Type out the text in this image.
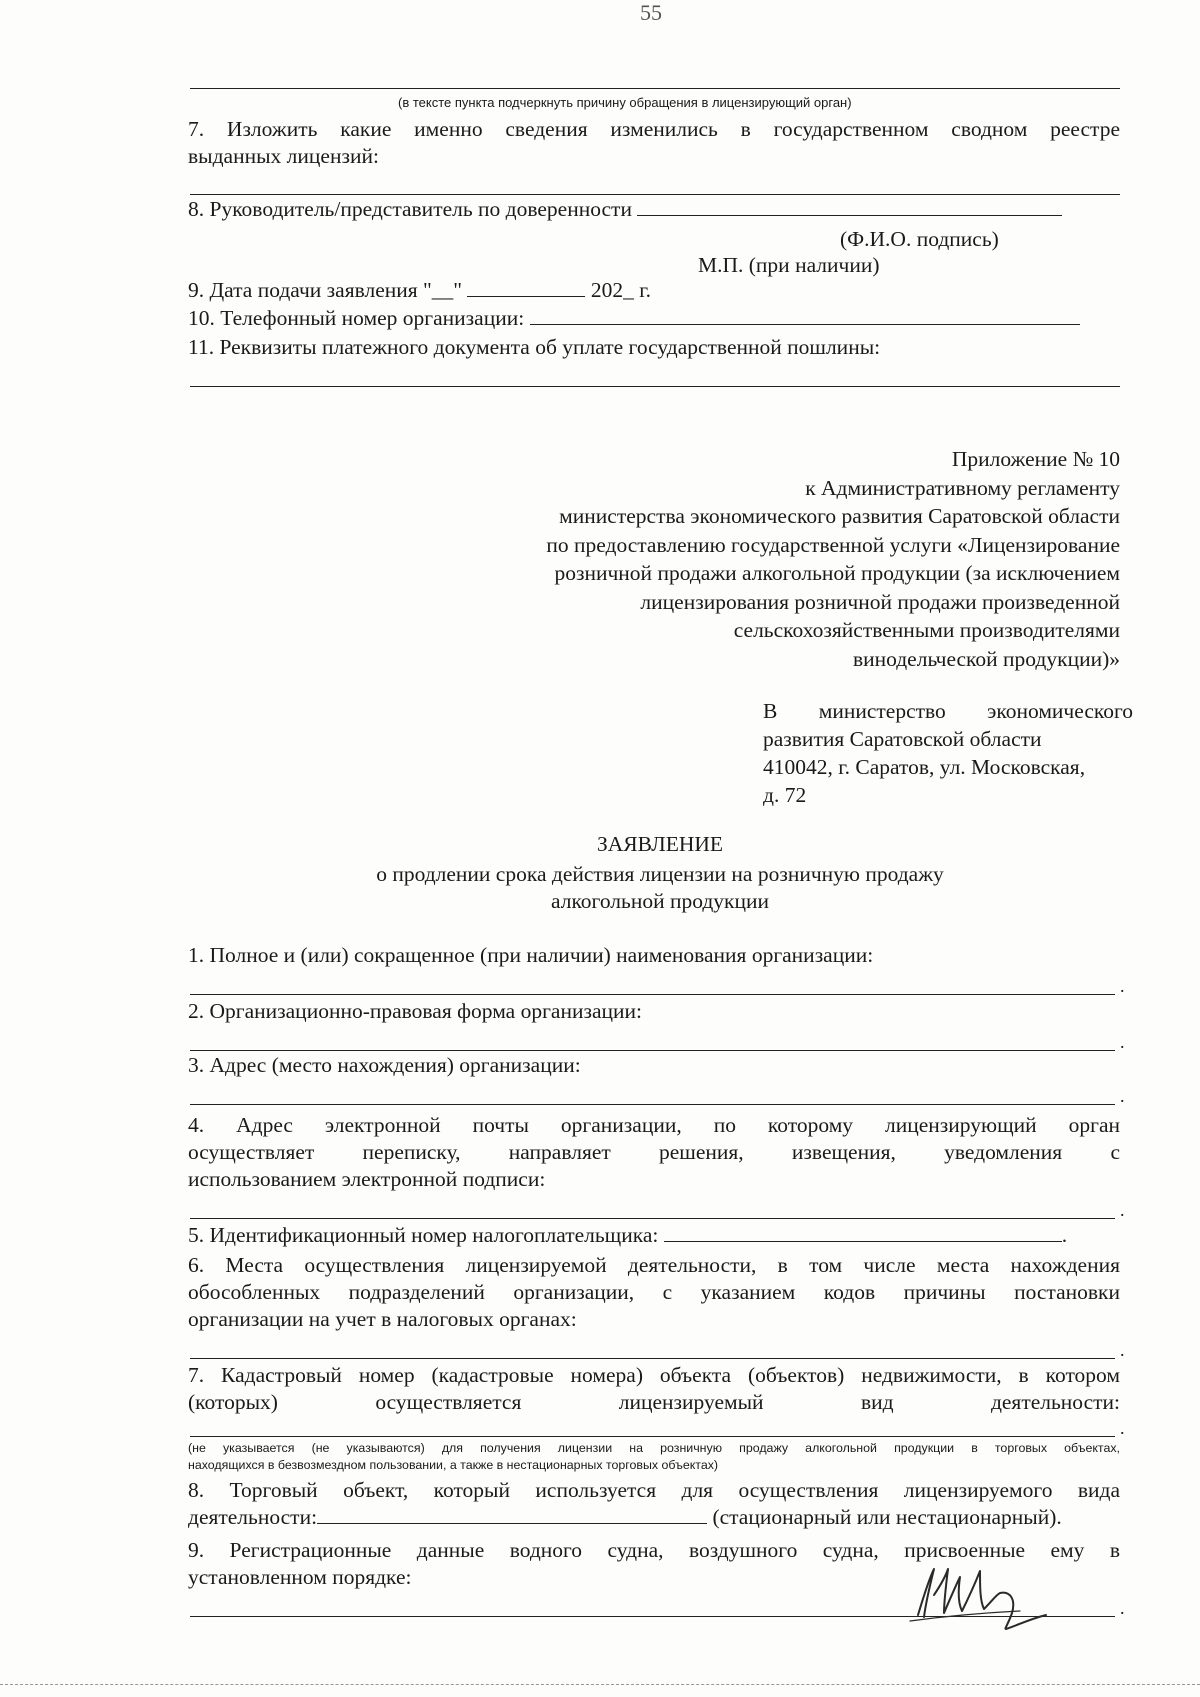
55
(в тексте пункта подчеркнуть причину обращения в лицензирующий орган)
7. Изложить какие именно сведения изменились в государственном сводном реестре
выданных лицензий:
8. Руководитель/представитель по доверенности
(Ф.И.О. подпись)
М.П. (при наличии)
9. Дата подачи заявления "__"	202_ г.
10. Телефонный номер организации:
11. Реквизиты платежного документа об уплате государственной пошлины:
Приложение № 10
к Административному регламенту
министерства экономического развития Саратовской области
по предоставлению государственной услуги «Лицензирование
розничной продажи алкогольной продукции (за исключением
лицензирования розничной продажи произведенной
сельскохозяйственными производителями
винодельческой продукции)»
В министерство экономического
развития Саратовской области
410042, г. Саратов, ул. Московская,
д. 72
ЗАЯВЛЕНИЕ
о продлении срока действия лицензии на розничную продажу
алкогольной продукции
1. Полное и (или) сокращенное (при наличии) наименования организации:
.
2. Организационно-правовая форма организации:
.
3. Адрес (место нахождения) организации:
.
4. Адрес электронной почты организации, по которому лицензирующий орган
осуществляет переписку, направляет решения, извещения, уведомления с
использованием электронной подписи:
.
5. Идентификационный номер налогоплательщика:	.
6. Места осуществления лицензируемой деятельности, в том числе места нахождения
обособленных подразделений организации, с указанием кодов причины постановки
организации на учет в налоговых органах:
.
7. Кадастровый номер (кадастровые номера) объекта (объектов) недвижимости, в котором
(которых) осуществляется лицензируемый вид деятельности:
.
(не указывается (не указываются) для получения лицензии на розничную продажу алкогольной продукции в торговых объектах,
находящихся в безвозмездном пользовании, а также в нестационарных торговых объектах)
8. Торговый объект, который используется для осуществления лицензируемого вида
деятельности:	(стационарный или нестационарный).
9. Регистрационные данные водного судна, воздушного судна, присвоенные ему в
установленном порядке:
.
